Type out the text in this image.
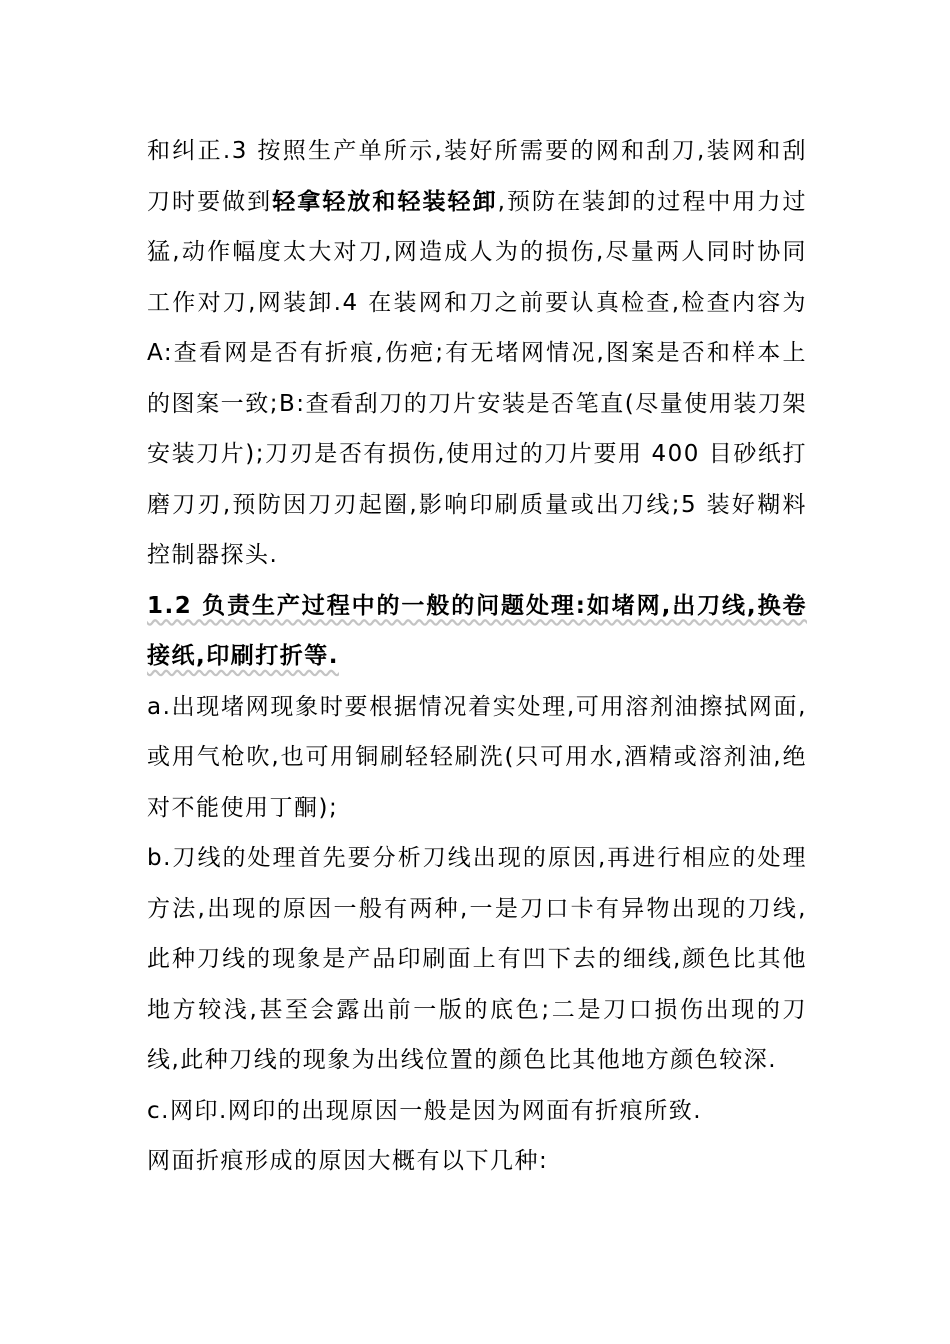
和纠正.3 按照生产单所示,装好所需要的网和刮刀,装网和刮刀时要做到轻拿轻放和轻装轻卸,预防在装卸的过程中用力过猛,动作幅度太大对刀,网造成人为的损伤,尽量两人同时协同工作对刀,网装卸.4 在装网和刀之前要认真检查,检查内容为 A:查看网是否有折痕,伤疤;有无堵网情况,图案是否和样本上的图案一致;B:查看刮刀的刀片安装是否笔直(尽量使用装刀架安装刀片);刀刃是否有损伤,使用过的刀片要用 400 目砂纸打磨刀刃,预防因刀刃起圈,影响印刷质量或出刀线;5 装好糊料控制器探头.

1.2 负责生产过程中的一般的问题处理:如堵网,出刀线,换卷接纸,印刷打折等.

a.出现堵网现象时要根据情况着实处理,可用溶剂油擦拭网面,或用气枪吹,也可用铜刷轻轻刷洗(只可用水,酒精或溶剂油,绝对不能使用丁酮);

b.刀线的处理首先要分析刀线出现的原因,再进行相应的处理方法,出现的原因一般有两种,一是刀口卡有异物出现的刀线,此种刀线的现象是产品印刷面上有凹下去的细线,颜色比其他地方较浅,甚至会露出前一版的底色;二是刀口损伤出现的刀线,此种刀线的现象为出线位置的颜色比其他地方颜色较深.

c.网印.网印的出现原因一般是因为网面有折痕所致.

网面折痕形成的原因大概有以下几种:
